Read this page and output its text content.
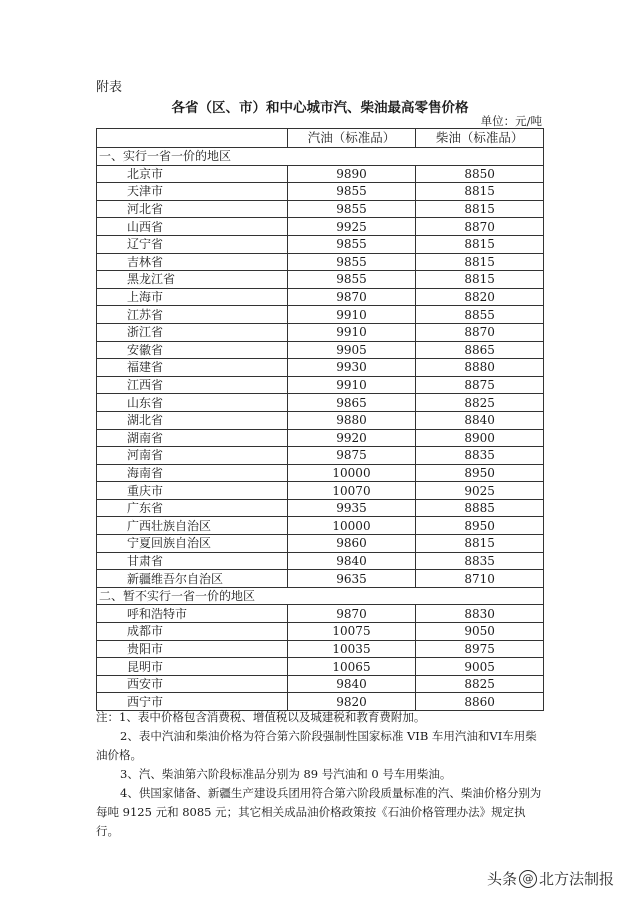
附表
各省（区、市）和中心城市汽、柴油最高零售价格
单位：元/吨
	汽油（标准品）	柴油（标准品）
一、实行一省一价的地区		
北京市	9890	8850
天津市	9855	8815
河北省	9855	8815
山西省	9925	8870
辽宁省	9855	8815
吉林省	9855	8815
黑龙江省	9855	8815
上海市	9870	8820
江苏省	9910	8855
浙江省	9910	8870
安徽省	9905	8865
福建省	9930	8880
江西省	9910	8875
山东省	9865	8825
湖北省	9880	8840
湖南省	9920	8900
河南省	9875	8835
海南省	10000	8950
重庆市	10070	9025
广东省	9935	8885
广西壮族自治区	10000	8950
宁夏回族自治区	9860	8815
甘肃省	9840	8835
新疆维吾尔自治区	9635	8710
二、暂不实行一省一价的地区		
呼和浩特市	9870	8830
成都市	10075	9050
贵阳市	10035	8975
昆明市	10065	9005
西安市	9840	8825
西宁市	9820	8860

注：1、表中价格包含消费税、增值税以及城建税和教育费附加。

2、表中汽油和柴油价格为符合第六阶段强制性国家标准 VIB 车用汽油和VI车用柴油价格。

3、汽、柴油第六阶段标准品分别为 89 号汽油和 0 号车用柴油。

4、供国家储备、新疆生产建设兵团用符合第六阶段质量标准的汽、柴油价格分别为每吨 9125 元和 8085 元；其它相关成品油价格政策按《石油价格管理办法》规定执行。

头条 @ 北方法制报
